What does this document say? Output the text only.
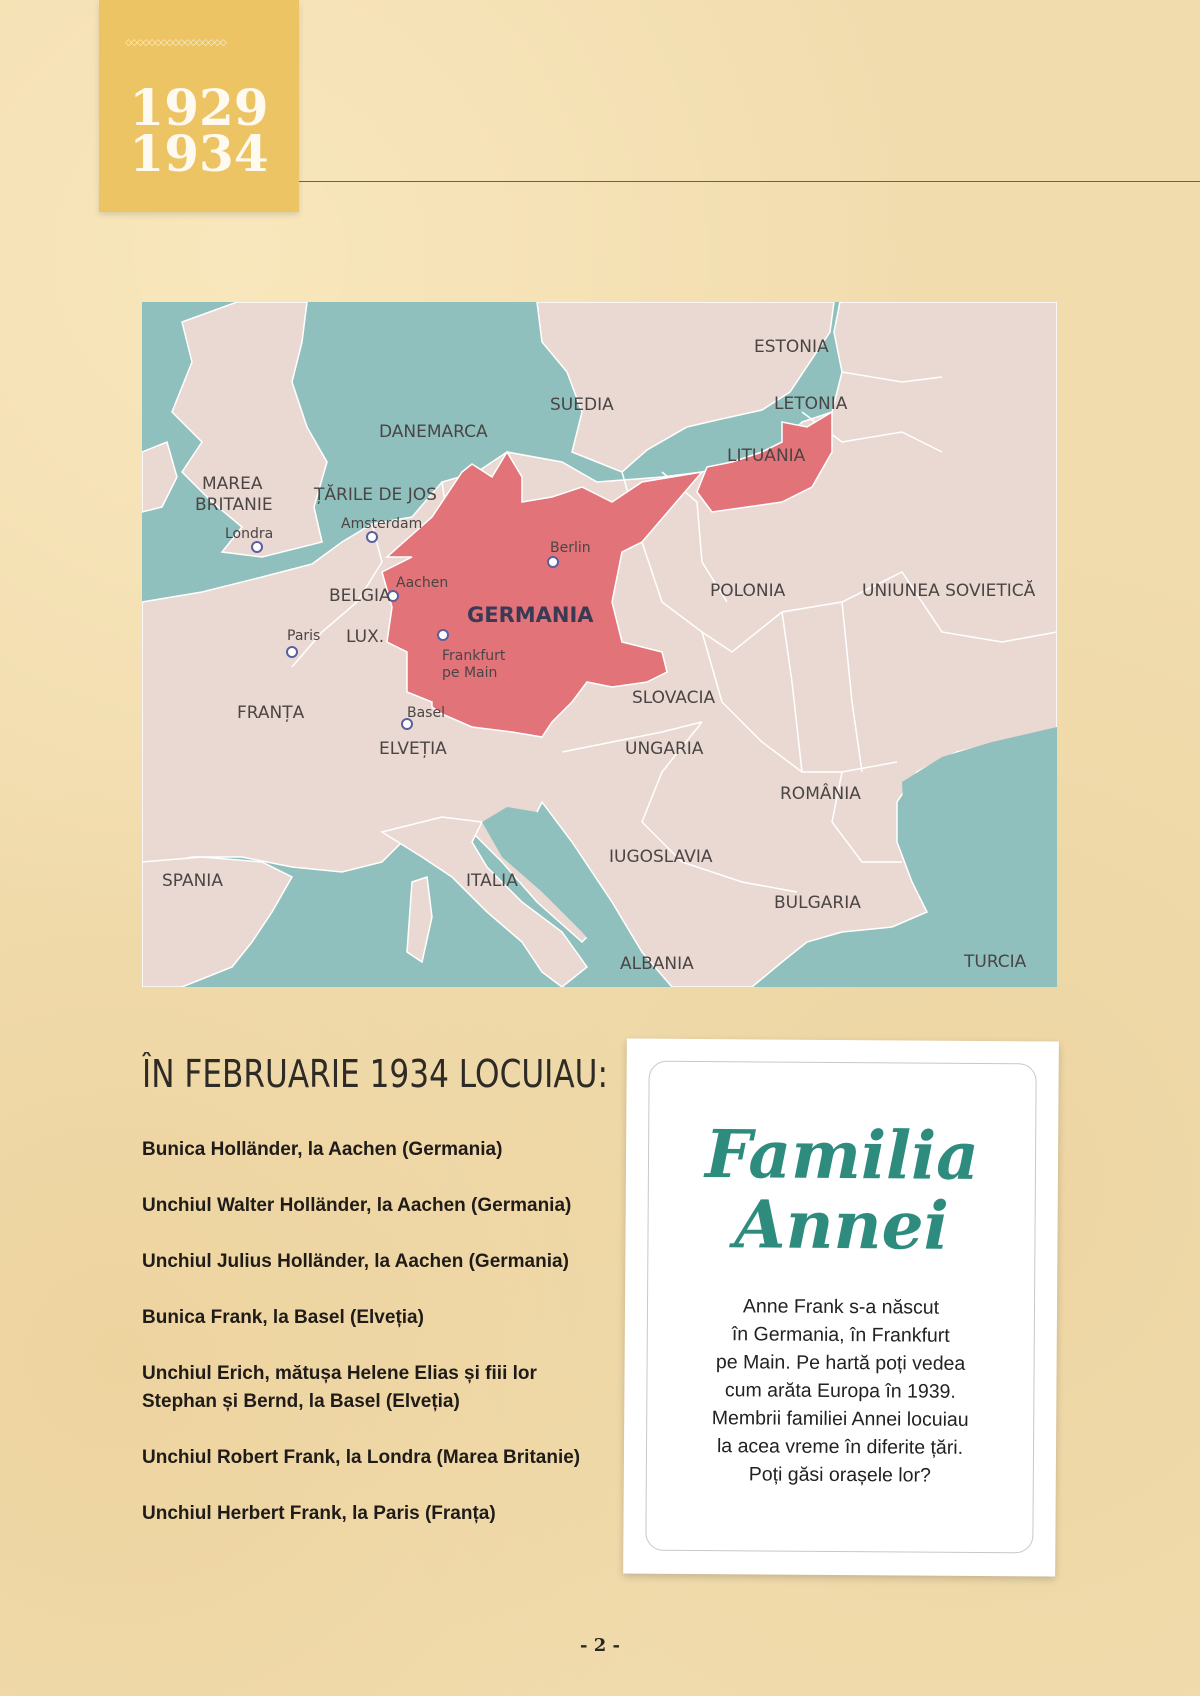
◇◇◇◇◇◇◇◇◇◇◇◇◇◇◇◇◇
1929
1934
ESTONIA
SUEDIA	LETONIA
DANEMARCA
LITUANIA
MAREA
BRITANIE ȚĂRILE DE JOS
BELGIA
GERMANIA
POLONIA	UNIUNEA SOVIETICĂ
LUX.
FRANȚA
SLOVACIA
ELVEȚIA	UNGARIA
ROMÂNIA
IUGOSLAVIA
SPANIA	ITALIA
BULGARIA
ALBANIA	TURCIA
Londra
Amsterdam
Berlin
Aachen
Paris
Frankfurt
pe Main
Basel
ÎN FEBRUARIE 1934 LOCUIAU:
Bunica Holländer, la Aachen (Germania)
Unchiul Walter Holländer, la Aachen (Germania)
Unchiul Julius Holländer, la Aachen (Germania)
Bunica Frank, la Basel (Elveția)
Unchiul Erich, mătușa Helene Elias și fiii lor
Stephan și Bernd, la Basel (Elveția)
Unchiul Robert Frank, la Londra (Marea Britanie)
Unchiul Herbert Frank, la Paris (Franța)
Familia
Annei
Anne Frank s-a născut
în Germania, în Frankfurt
pe Main. Pe hartă poți vedea
cum arăta Europa în 1939.
Membrii familiei Annei locuiau
la acea vreme în diferite țări.
Poți găsi orașele lor?
- 2 -
